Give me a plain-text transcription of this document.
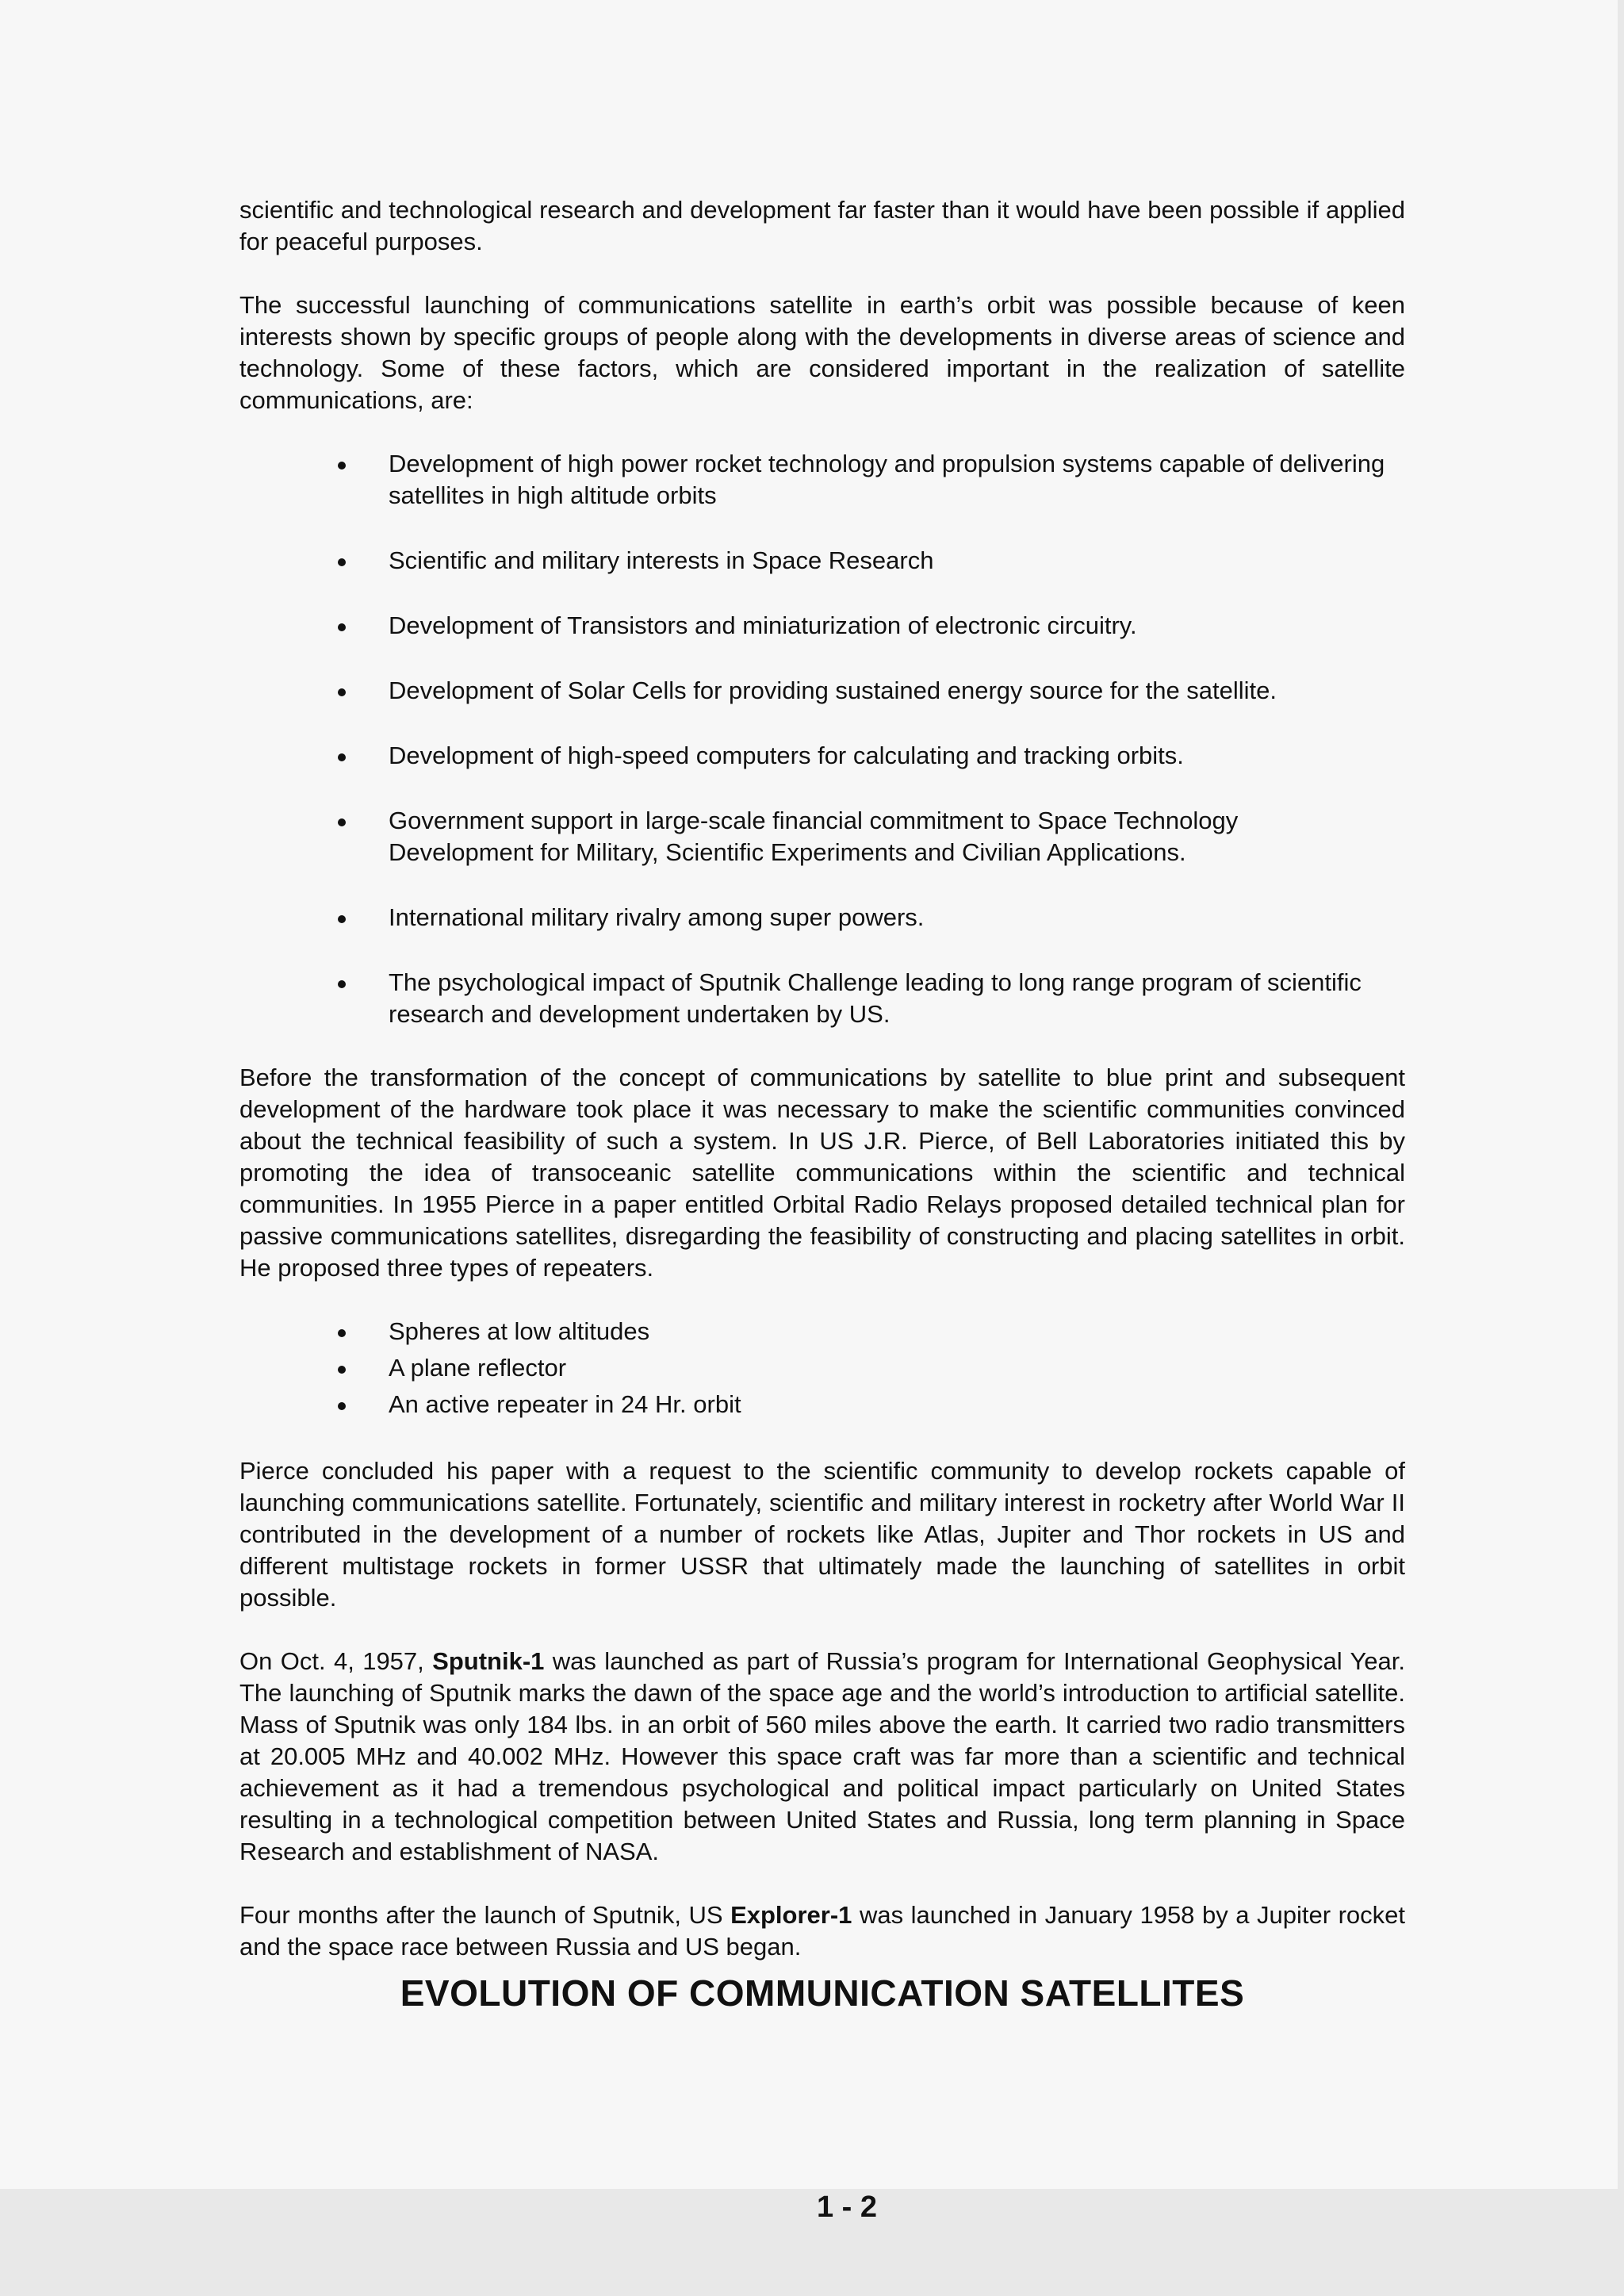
scientific and technological research and development far faster than it would have been possible if applied for peaceful purposes.

The successful launching of communications satellite in earth’s orbit was possible because of keen interests shown by specific groups of people along with the developments in diverse areas of science and technology. Some of these factors, which are considered important in the realization of satellite communications, are:

Development of high power rocket technology and propulsion systems capable of delivering satellites in high altitude orbits
Scientific and military interests in Space Research
Development of Transistors and miniaturization of electronic circuitry.
Development of Solar Cells for providing sustained energy source for the satellite.
Development of high-speed computers for calculating and tracking orbits.
Government support in large-scale financial commitment to Space Technology Development for Military, Scientific Experiments and Civilian Applications.
International military rivalry among super powers.
The psychological impact of Sputnik Challenge leading to long range program of scientific research and development undertaken by US.

Before the transformation of the concept of communications by satellite to blue print and subsequent development of the hardware took place it was necessary to make the scientific communities convinced about the technical feasibility of such a system. In US J.R. Pierce, of Bell Laboratories initiated this by promoting the idea of transoceanic satellite communications within the scientific and technical communities. In 1955 Pierce in a paper entitled Orbital Radio Relays proposed detailed technical plan for passive communications satellites, disregarding the feasibility of constructing and placing satellites in orbit. He proposed three types of repeaters.

Spheres at low altitudes
A plane reflector
An active repeater in 24 Hr. orbit

Pierce concluded his paper with a request to the scientific community to develop rockets capable of launching communications satellite. Fortunately, scientific and military interest in rocketry after World War II contributed in the development of a number of rockets like Atlas, Jupiter and Thor rockets in US and different multistage rockets in former USSR that ultimately made the launching of satellites in orbit possible.

On Oct. 4, 1957, Sputnik-1 was launched as part of Russia’s program for International Geophysical Year. The launching of Sputnik marks the dawn of the space age and the world’s introduction to artificial satellite. Mass of Sputnik was only 184 lbs. in an orbit of 560 miles above the earth. It carried two radio transmitters at 20.005 MHz and 40.002 MHz. However this space craft was far more than a scientific and technical achievement as it had a tremendous psychological and political impact particularly on United States resulting in a technological competition between United States and Russia, long term planning in Space Research and establishment of NASA.

Four months after the launch of Sputnik, US Explorer-1 was launched in January 1958 by a Jupiter rocket and the space race between Russia and US began.

EVOLUTION OF COMMUNICATION SATELLITES
1 - 2
